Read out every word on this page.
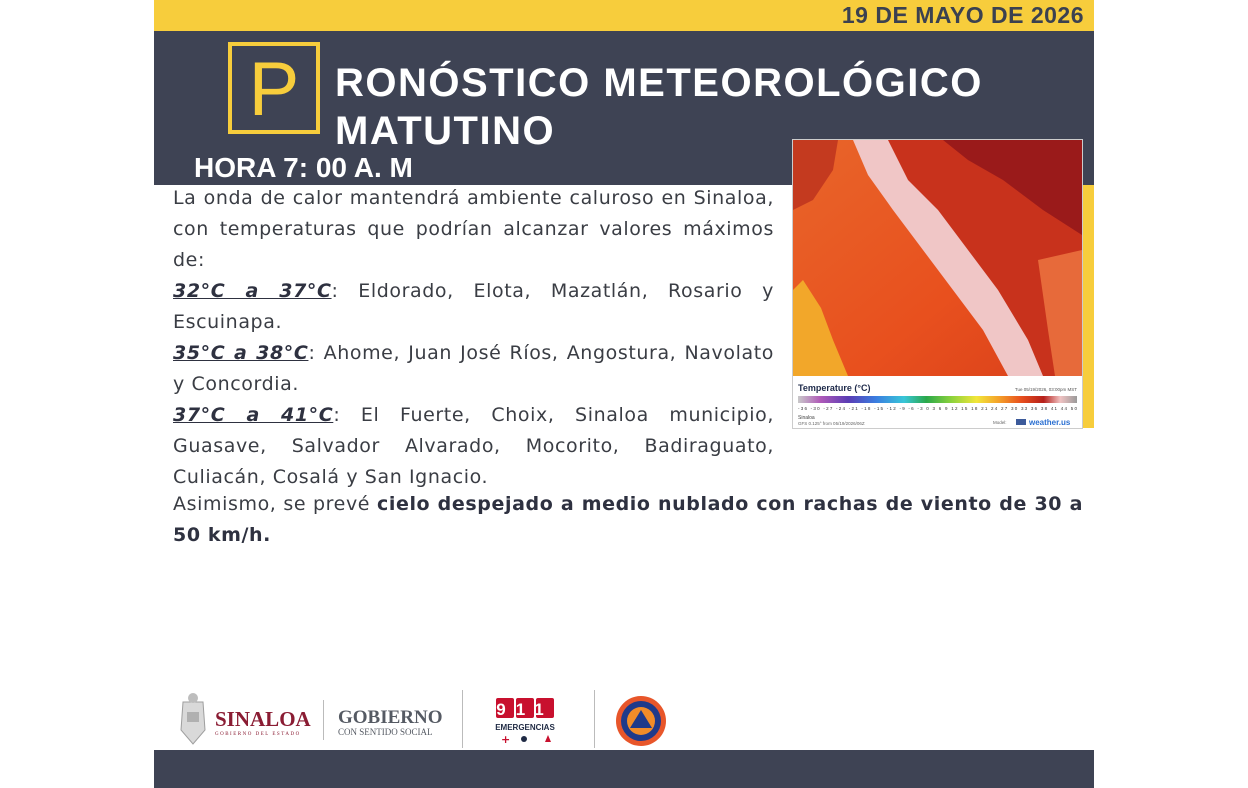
19 DE MAYO DE 2026
P RONÓSTICO METEOROLÓGICO
MATUTINO
HORA 7: 00 A. M
Temperature (°C)	Tue 05/19/2026, 03:00pm MST
-36 -30 -27 -24 -21 -18 -15 -12 -9 -6 -3 0 3 6 9 12 15 18 21 24 27 30 33 36 38 41 44 50
Sinaloa
GFS 0.125° from 05/19/2026/06Z	Model:	weather.us

La onda de calor mantendrá ambiente caluroso en Sinaloa, con temperaturas que podrían alcanzar valores máximos de:

32°C a 37°C: Eldorado, Elota, Mazatlán, Rosario y Escuinapa.

35°C a 38°C: Ahome, Juan José Ríos, Angostura, Navolato y Concordia.

37°C a 41°C: El Fuerte, Choix, Sinaloa municipio, Guasave, Salvador Alvarado, Mocorito, Badiraguato, Culiacán, Cosalá y San Ignacio.

Asimismo, se prevé cielo despejado a medio nublado con rachas de viento de 30 a 50 km/h.
SINALOA
GOBIERNO DEL ESTADO
GOBIERNO
CON SENTIDO SOCIAL
911
EMERGENCIAS
+
